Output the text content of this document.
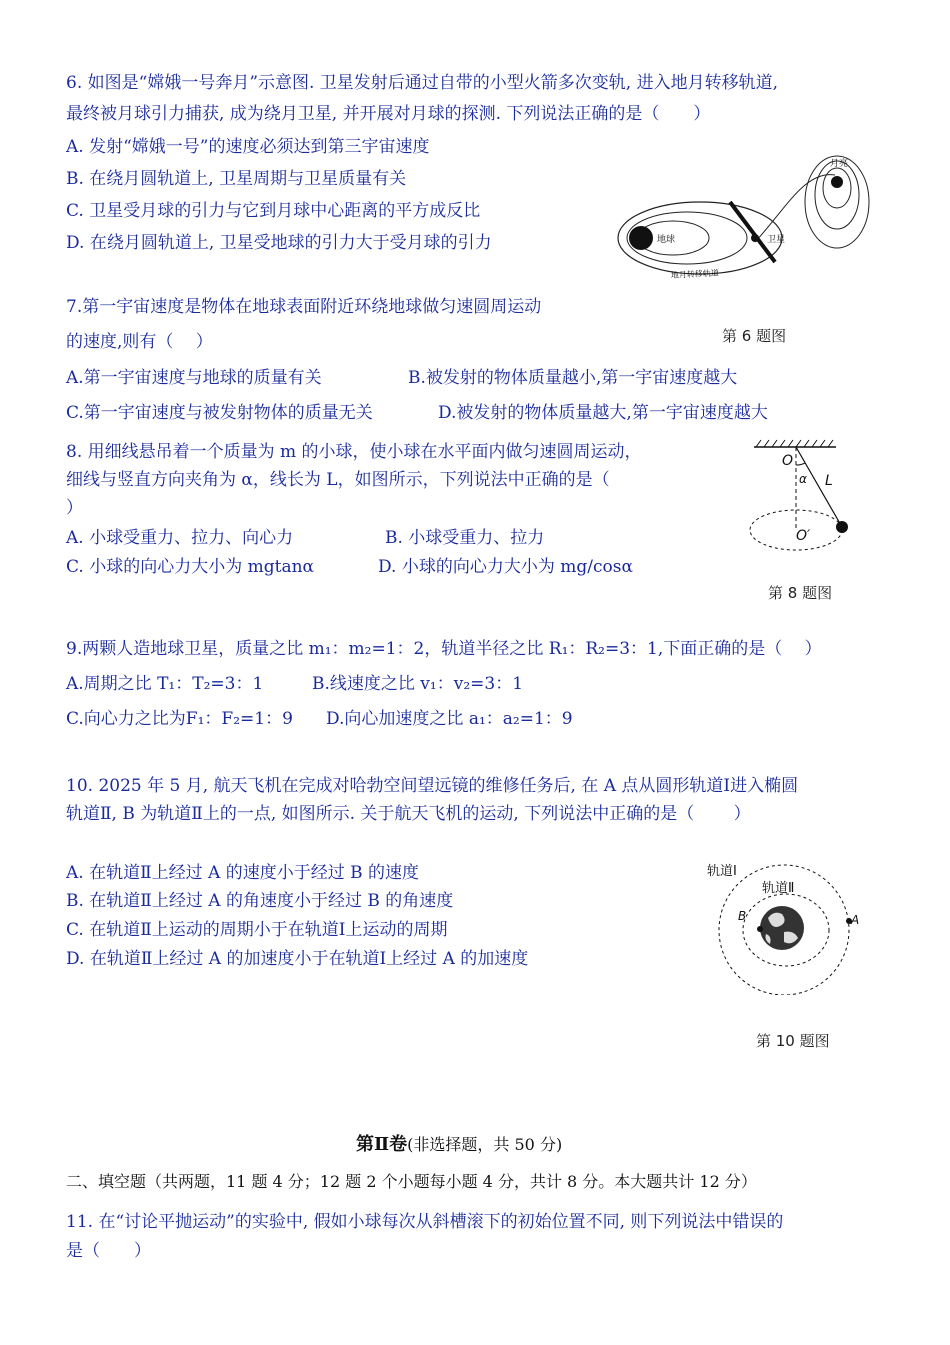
6. 如图是“嫦娥一号奔月”示意图. 卫星发射后通过自带的小型火箭多次变轨, 进入地月转移轨道,
最终被月球引力捕获, 成为绕月卫星, 并开展对月球的探测. 下列说法正确的是（　　）
A. 发射“嫦娥一号”的速度必须达到第三宇宙速度
B. 在绕月圆轨道上, 卫星周期与卫星质量有关
C. 卫星受月球的引力与它到月球中心距离的平方成反比
D. 在绕月圆轨道上, 卫星受地球的引力大于受月球的引力	地球
月亮
卫星
地月转移轨道
第 6 题图
7.第一宇宙速度是物体在地球表面附近环绕地球做匀速圆周运动
的速度,则有（　 ）
A.第一宇宙速度与地球的质量有关	B.被发射的物体质量越小,第一宇宙速度越大
C.第一宇宙速度与被发射物体的质量无关	D.被发射的物体质量越大,第一宇宙速度越大
8. 用细线悬吊着一个质量为 m 的小球，使小球在水平面内做匀速圆周运动，
细线与竖直方向夹角为 α，线长为 L，如图所示，下列说法中正确的是（
）
A. 小球受重力、拉力、向心力	B. 小球受重力、拉力
C. 小球的向心力大小为 mgtanα	D. 小球的向心力大小为 mg/cosα
O
α L
O′
第 8 题图
9.两颗人造地球卫星，质量之比 m₁：m₂=1：2，轨道半径之比 R₁：R₂=3：1,下面正确的是（　 ）
A.周期之比 T₁：T₂=3：1	B.线速度之比 v₁：v₂=3：1
C.向心力之比为F₁：F₂=1：9 D.向心加速度之比 a₁：a₂=1：9
10. 2025 年 5 月, 航天飞机在完成对哈勃空间望远镜的维修任务后, 在 A 点从圆形轨道Ⅰ进入椭圆
轨道Ⅱ, B 为轨道Ⅱ上的一点, 如图所示. 关于航天飞机的运动, 下列说法中正确的是（　　 ）
A. 在轨道Ⅱ上经过 A 的速度小于经过 B 的速度
B. 在轨道Ⅱ上经过 A 的角速度小于经过 B 的角速度
C. 在轨道Ⅱ上运动的周期小于在轨道Ⅰ上运动的周期
D. 在轨道Ⅱ上经过 A 的加速度小于在轨道Ⅰ上经过 A 的加速度
轨道Ⅰ
轨道Ⅱ
B	A
第 10 题图
第Ⅱ卷(非选择题，共 50 分)
二、填空题（共两题，11 题 4 分；12 题 2 个小题每小题 4 分，共计 8 分。本大题共计 12 分）
11. 在“讨论平抛运动”的实验中, 假如小球每次从斜槽滚下的初始位置不同, 则下列说法中错误的
是（　　）
